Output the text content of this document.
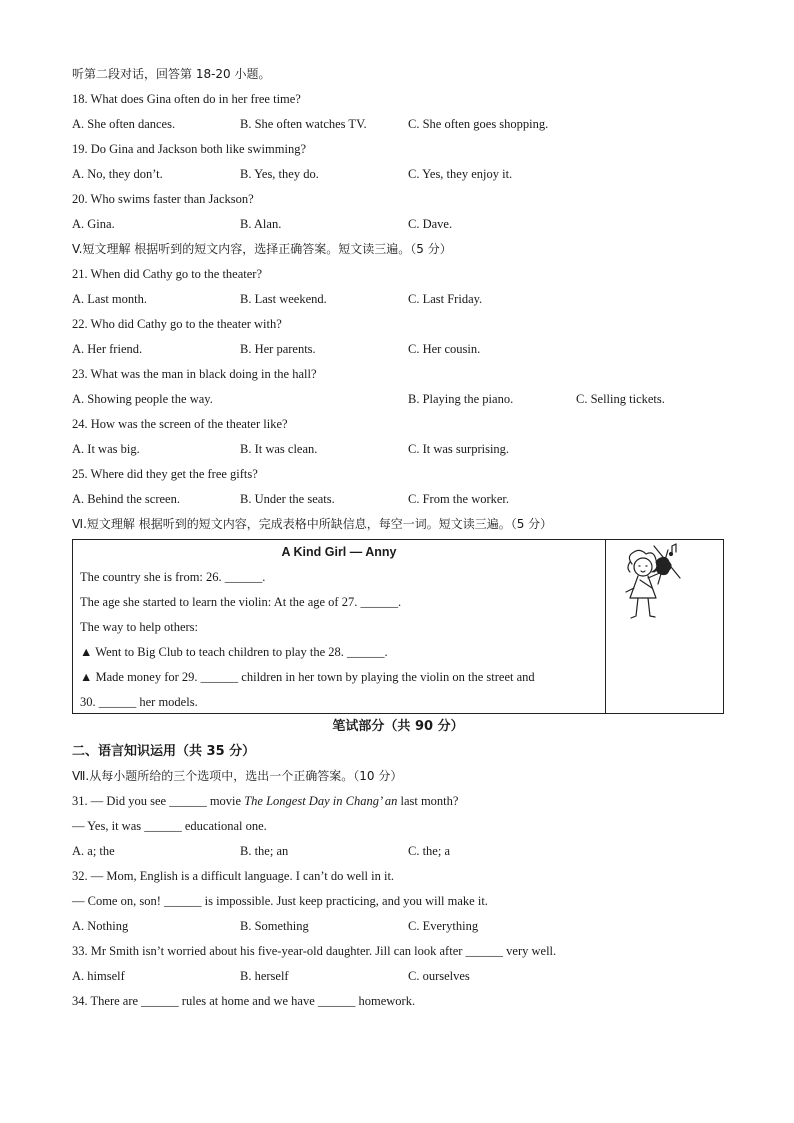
听第二段对话，回答第 18-20 小题。
18. What does Gina often do in her free time?
A. She often dances.	B. She often watches TV.	C. She often goes shopping.
19. Do Gina and Jackson both like swimming?
A. No, they don’t.	B. Yes, they do.	C. Yes, they enjoy it.
20. Who swims faster than Jackson?
A. Gina.	B. Alan.	C. Dave.
V.短文理解 根据听到的短文内容，选择正确答案。短文读三遍。（5 分）
21. When did Cathy go to the theater?
A. Last month.	B. Last weekend.	C. Last Friday.
22. Who did Cathy go to the theater with?
A. Her friend.	B. Her parents.	C. Her cousin.
23. What was the man in black doing in the hall?
A. Showing people the way.	B. Playing the piano.	C. Selling tickets.
24. How was the screen of the theater like?
A. It was big.	B. It was clean.	C. It was surprising.
25. Where did they get the free gifts?
A. Behind the screen.	B. Under the seats.	C. From the worker.
Ⅵ.短文理解 根据听到的短文内容，完成表格中所缺信息，每空一词。短文读三遍。（5 分）
A Kind Girl — Anny
The country she is from: 26. ______.
The age she started to learn the violin: At the age of 27. ______.
The way to help others:
▲ Went to Big Club to teach children to play the 28. ______.
▲ Made money for 29. ______ children in her town by playing the violin on the street and
30. ______ her models.
笔试部分（共 90 分）
二、语言知识运用（共 35 分）
Ⅶ.从每小题所给的三个选项中，选出一个正确答案。（10 分）
31. — Did you see ______ movie The Longest Day in Chang’ an last month?
— Yes, it was ______ educational one.
A. a; the	B. the; an	C. the; a
32. — Mom, English is a difficult language. I can’t do well in it.
— Come on, son! ______ is impossible. Just keep practicing, and you will make it.
A. Nothing	B. Something	C. Everything
33. Mr Smith isn’t worried about his five-year-old daughter. Jill can look after ______ very well.
A. himself	B. herself	C. ourselves
34. There are ______ rules at home and we have ______ homework.
